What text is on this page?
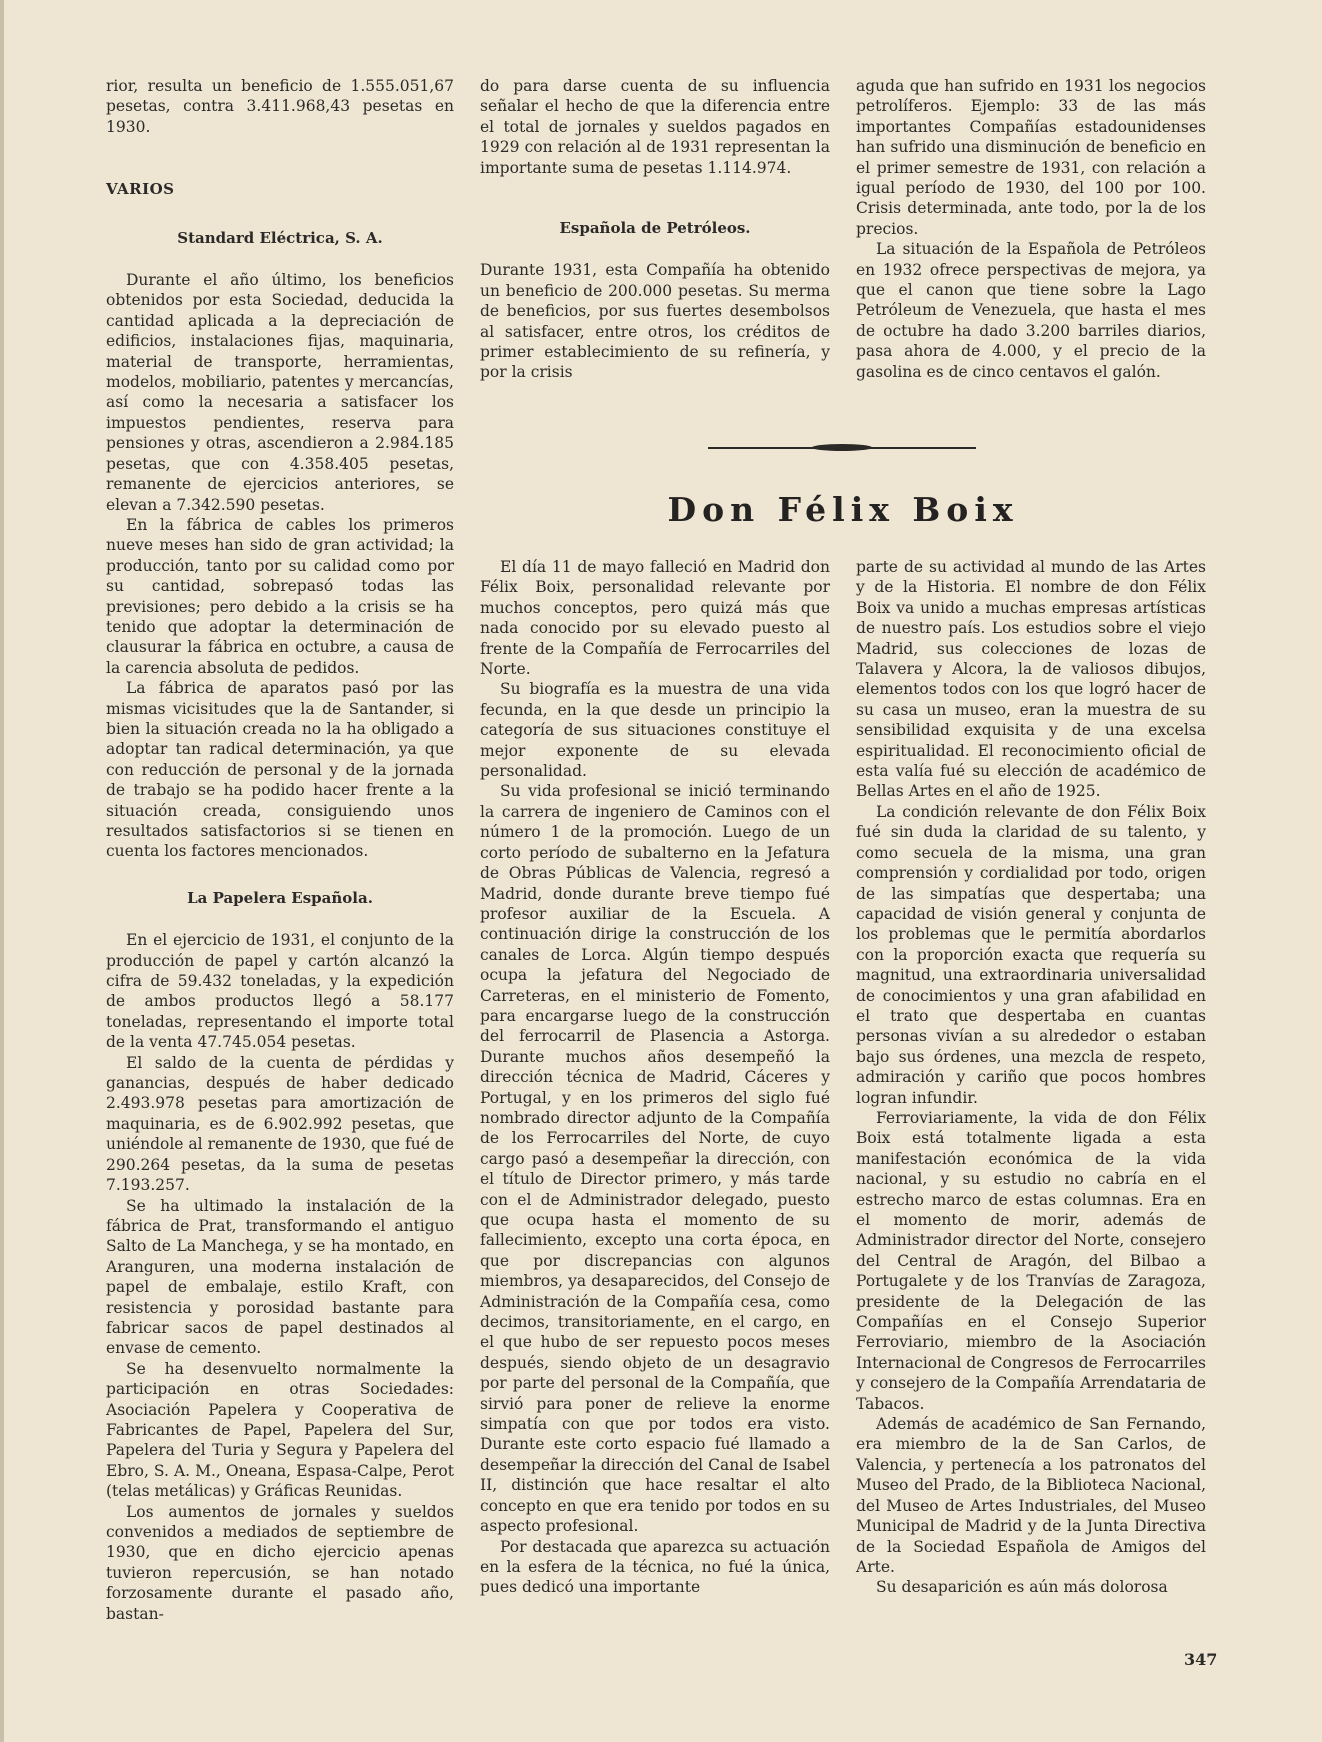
rior, resulta un beneficio de 1.555.051,67 pesetas, contra 3.411.968,43 pesetas en 1930.

VARIOS
Standard Eléctrica, S. A.

Durante el año último, los beneficios obtenidos por esta Sociedad, deducida la cantidad aplicada a la depreciación de edificios, instalaciones fijas, maquinaria, material de transporte, herramientas, modelos, mobiliario, patentes y mercancías, así como la necesaria a satisfacer los impuestos pendientes, reserva para pensiones y otras, ascendieron a 2.984.185 pesetas, que con 4.358.405 pesetas, remanente de ejercicios anteriores, se elevan a 7.342.590 pesetas.

En la fábrica de cables los primeros nueve meses han sido de gran actividad; la producción, tanto por su calidad como por su cantidad, sobrepasó todas las previsiones; pero debido a la crisis se ha tenido que adoptar la determinación de clausurar la fábrica en octubre, a causa de la carencia absoluta de pedidos.

La fábrica de aparatos pasó por las mismas vicisitudes que la de Santander, si bien la situación creada no la ha obligado a adoptar tan radical determinación, ya que con reducción de personal y de la jornada de trabajo se ha podido hacer frente a la situación creada, consiguiendo unos resultados satisfactorios si se tienen en cuenta los factores mencionados.

La Papelera Española.

En el ejercicio de 1931, el conjunto de la producción de papel y cartón alcanzó la cifra de 59.432 toneladas, y la expedición de ambos productos llegó a 58.177 toneladas, representando el importe total de la venta 47.745.054 pesetas.

El saldo de la cuenta de pérdidas y ganancias, después de haber dedicado 2.493.978 pesetas para amortización de maquinaria, es de 6.902.992 pesetas, que uniéndole al remanente de 1930, que fué de 290.264 pesetas, da la suma de pesetas 7.193.257.

Se ha ultimado la instalación de la fábrica de Prat, transformando el antiguo Salto de La Manchega, y se ha montado, en Aranguren, una moderna instalación de papel de embalaje, estilo Kraft, con resistencia y porosidad bastante para fabricar sacos de papel destinados al envase de cemento.

Se ha desenvuelto normalmente la participación en otras Sociedades: Asociación Papelera y Cooperativa de Fabricantes de Papel, Papelera del Sur, Papelera del Turia y Segura y Papelera del Ebro, S. A. M., Oneana, Espasa-Calpe, Perot (telas metálicas) y Gráficas Reunidas.

Los aumentos de jornales y sueldos convenidos a mediados de septiembre de 1930, que en dicho ejercicio apenas tuvieron repercusión, se han notado forzosamente durante el pasado año, bastan-

do para darse cuenta de su influencia señalar el hecho de que la diferencia entre el total de jornales y sueldos pagados en 1929 con relación al de 1931 representan la importante suma de pesetas 1.114.974.

Española de Petróleos.

Durante 1931, esta Compañía ha obtenido un beneficio de 200.000 pesetas. Su merma de beneficios, por sus fuertes desembolsos al satisfacer, entre otros, los créditos de primer establecimiento de su refinería, y por la crisis

aguda que han sufrido en 1931 los negocios petrolíferos. Ejemplo: 33 de las más importantes Compañías estadounidenses han sufrido una disminución de beneficio en el primer semestre de 1931, con relación a igual período de 1930, del 100 por 100. Crisis determinada, ante todo, por la de los precios.

La situación de la Española de Petróleos en 1932 ofrece perspectivas de mejora, ya que el canon que tiene sobre la Lago Petróleum de Venezuela, que hasta el mes de octubre ha dado 3.200 barriles diarios, pasa ahora de 4.000, y el precio de la gasolina es de cinco centavos el galón.

Don Félix Boix

El día 11 de mayo falleció en Madrid don Félix Boix, personalidad relevante por muchos conceptos, pero quizá más que nada conocido por su elevado puesto al frente de la Compañía de Ferrocarriles del Norte.

Su biografía es la muestra de una vida fecunda, en la que desde un principio la categoría de sus situaciones constituye el mejor exponente de su elevada personalidad.

Su vida profesional se inició terminando la carrera de ingeniero de Caminos con el número 1 de la promoción. Luego de un corto período de subalterno en la Jefatura de Obras Públicas de Valencia, regresó a Madrid, donde durante breve tiempo fué profesor auxiliar de la Escuela. A continuación dirige la construcción de los canales de Lorca. Algún tiempo después ocupa la jefatura del Negociado de Carreteras, en el ministerio de Fomento, para encargarse luego de la construcción del ferrocarril de Plasencia a Astorga. Durante muchos años desempeñó la dirección técnica de Madrid, Cáceres y Portugal, y en los primeros del siglo fué nombrado director adjunto de la Compañía de los Ferrocarriles del Norte, de cuyo cargo pasó a desempeñar la dirección, con el título de Director primero, y más tarde con el de Administrador delegado, puesto que ocupa hasta el momento de su fallecimiento, excepto una corta época, en que por discrepancias con algunos miembros, ya desaparecidos, del Consejo de Administración de la Compañía cesa, como decimos, transitoriamente, en el cargo, en el que hubo de ser repuesto pocos meses después, siendo objeto de un desagravio por parte del personal de la Compañía, que sirvió para poner de relieve la enorme simpatía con que por todos era visto. Durante este corto espacio fué llamado a desempeñar la dirección del Canal de Isabel II, distinción que hace resaltar el alto concepto en que era tenido por todos en su aspecto profesional.

Por destacada que aparezca su actuación en la esfera de la técnica, no fué la única, pues dedicó una importante

parte de su actividad al mundo de las Artes y de la Historia. El nombre de don Félix Boix va unido a muchas empresas artísticas de nuestro país. Los estudios sobre el viejo Madrid, sus colecciones de lozas de Talavera y Alcora, la de valiosos dibujos, elementos todos con los que logró hacer de su casa un museo, eran la muestra de su sensibilidad exquisita y de una excelsa espiritualidad. El reconocimiento oficial de esta valía fué su elección de académico de Bellas Artes en el año de 1925.

La condición relevante de don Félix Boix fué sin duda la claridad de su talento, y como secuela de la misma, una gran comprensión y cordialidad por todo, origen de las simpatías que despertaba; una capacidad de visión general y conjunta de los problemas que le permitía abordarlos con la proporción exacta que requería su magnitud, una extraordinaria universalidad de conocimientos y una gran afabilidad en el trato que despertaba en cuantas personas vivían a su alrededor o estaban bajo sus órdenes, una mezcla de respeto, admiración y cariño que pocos hombres logran infundir.

Ferroviariamente, la vida de don Félix Boix está totalmente ligada a esta manifestación económica de la vida nacional, y su estudio no cabría en el estrecho marco de estas columnas. Era en el momento de morir, además de Administrador director del Norte, consejero del Central de Aragón, del Bilbao a Portugalete y de los Tranvías de Zaragoza, presidente de la Delegación de las Compañías en el Consejo Superior Ferroviario, miembro de la Asociación Internacional de Congresos de Ferrocarriles y consejero de la Compañía Arrendataria de Tabacos.

Además de académico de San Fernando, era miembro de la de San Carlos, de Valencia, y pertenecía a los patronatos del Museo del Prado, de la Biblioteca Nacional, del Museo de Artes Industriales, del Museo Municipal de Madrid y de la Junta Directiva de la Sociedad Española de Amigos del Arte.

Su desaparición es aún más dolorosa

347
